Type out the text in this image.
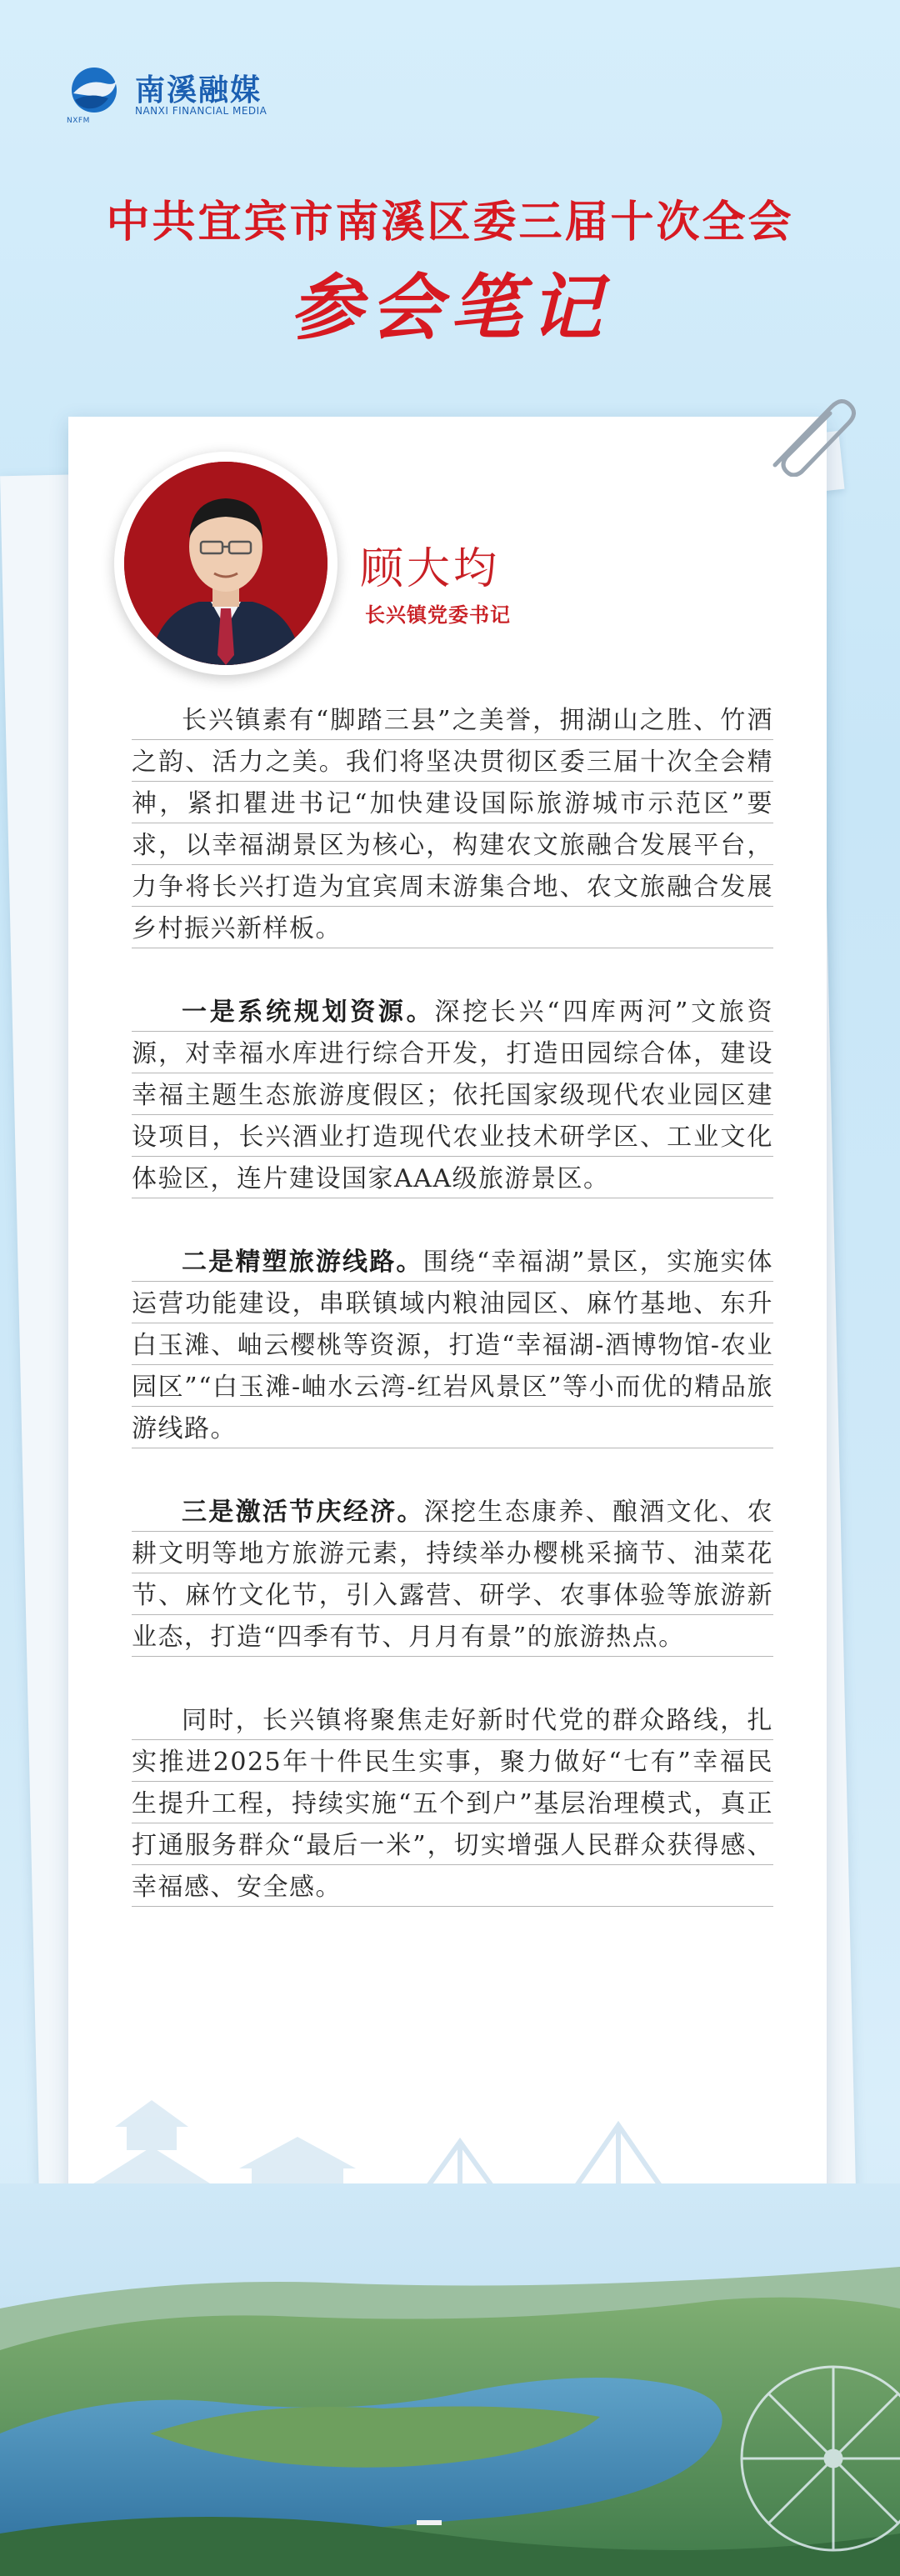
南溪融媒
NXFM
NANXI FINANCIAL MEDIA
中共宜宾市南溪区委三届十次全会
参会笔记
顾大均
长兴镇党委书记

长兴镇素有“脚踏三县”之美誉，拥湖山之胜、竹酒之韵、活力之美。我们将坚决贯彻区委三届十次全会精神，紧扣瞿进书记“加快建设国际旅游城市示范区”要求，以幸福湖景区为核心，构建农文旅融合发展平台，力争将长兴打造为宜宾周末游集合地、农文旅融合发展乡村振兴新样板。

一是系统规划资源。深挖长兴“四库两河”文旅资源，对幸福水库进行综合开发，打造田园综合体，建设幸福主题生态旅游度假区；依托国家级现代农业园区建设项目，长兴酒业打造现代农业技术研学区、工业文化体验区，连片建设国家AAA级旅游景区。

二是精塑旅游线路。围绕“幸福湖”景区，实施实体运营功能建设，串联镇域内粮油园区、麻竹基地、东升白玉滩、岫云樱桃等资源，打造“幸福湖-酒博物馆-农业园区”“白玉滩-岫水云湾-红岩风景区”等小而优的精品旅游线路。

三是激活节庆经济。深挖生态康养、酿酒文化、农耕文明等地方旅游元素，持续举办樱桃采摘节、油菜花节、麻竹文化节，引入露营、研学、农事体验等旅游新业态，打造“四季有节、月月有景”的旅游热点。

同时，长兴镇将聚焦走好新时代党的群众路线，扎实推进2025年十件民生实事，聚力做好“七有”幸福民生提升工程，持续实施“五个到户”基层治理模式，真正打通服务群众“最后一米”，切实增强人民群众获得感、幸福感、安全感。
